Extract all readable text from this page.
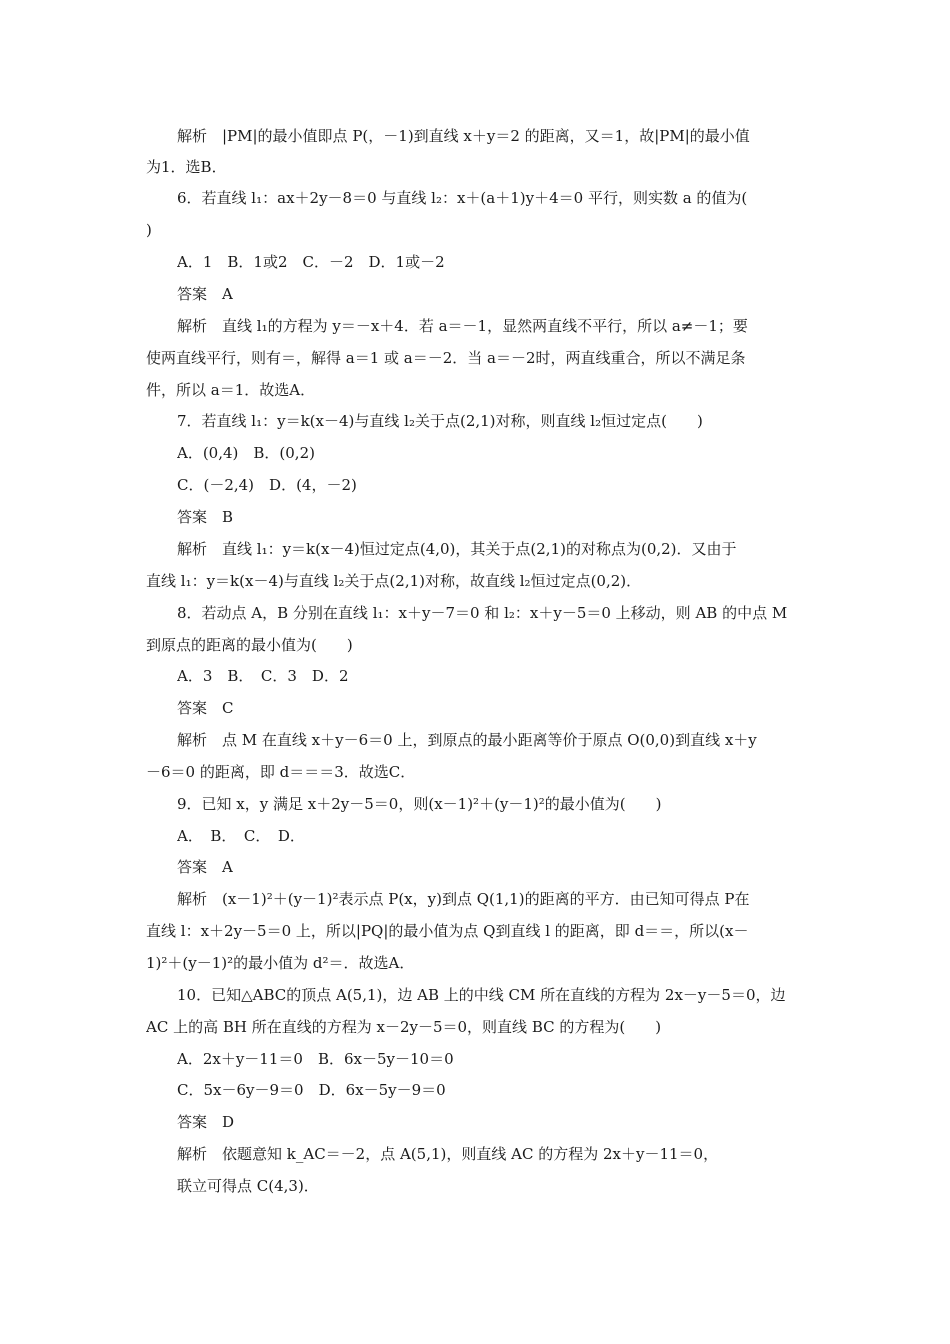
解析　|PM|的最小值即点 P(，－1)到直线 x＋y＝2 的距离，又＝1，故|PM|的最小值
为1．选B．
6．若直线 l₁：ax＋2y－8＝0 与直线 l₂：x＋(a＋1)y＋4＝0 平行，则实数 a 的值为(
)
A．1　B．1或2　C．－2　D．1或－2
答案　A
解析　直线 l₁的方程为 y＝－x＋4．若 a＝－1，显然两直线不平行，所以 a≠－1；要
使两直线平行，则有＝，解得 a＝1 或 a＝－2．当 a＝－2时，两直线重合，所以不满足条
件，所以 a＝1．故选A．
7．若直线 l₁：y＝k(x－4)与直线 l₂关于点(2,1)对称，则直线 l₂恒过定点(　　)
A．(0,4)　B．(0,2)
C．(－2,4)　D．(4，－2)
答案　B
解析　直线 l₁：y＝k(x－4)恒过定点(4,0)，其关于点(2,1)的对称点为(0,2)．又由于
直线 l₁：y＝k(x－4)与直线 l₂关于点(2,1)对称，故直线 l₂恒过定点(0,2)．
8．若动点 A，B 分别在直线 l₁：x＋y－7＝0 和 l₂：x＋y－5＝0 上移动，则 AB 的中点 M
到原点的距离的最小值为(　　)
A．3　B．　C．3　D．2
答案　C
解析　点 M 在直线 x＋y－6＝0 上，到原点的最小距离等价于原点 O(0,0)到直线 x＋y
－6＝0 的距离，即 d＝＝＝3．故选C．
9．已知 x，y 满足 x＋2y－5＝0，则(x－1)²＋(y－1)²的最小值为(　　)
A．　B．　C．　D．
答案　A
解析　(x－1)²＋(y－1)²表示点 P(x，y)到点 Q(1,1)的距离的平方．由已知可得点 P在
直线 l：x＋2y－5＝0 上，所以|PQ|的最小值为点 Q到直线 l 的距离，即 d＝＝，所以(x－
1)²＋(y－1)²的最小值为 d²＝．故选A．
10．已知△ABC的顶点 A(5,1)，边 AB 上的中线 CM 所在直线的方程为 2x－y－5＝0，边
AC 上的高 BH 所在直线的方程为 x－2y－5＝0，则直线 BC 的方程为(　　)
A．2x＋y－11＝0　B．6x－5y－10＝0
C．5x－6y－9＝0　D．6x－5y－9＝0
答案　D
解析　依题意知 k_AC＝－2，点 A(5,1)，则直线 AC 的方程为 2x＋y－11＝0，
联立可得点 C(4,3)．
